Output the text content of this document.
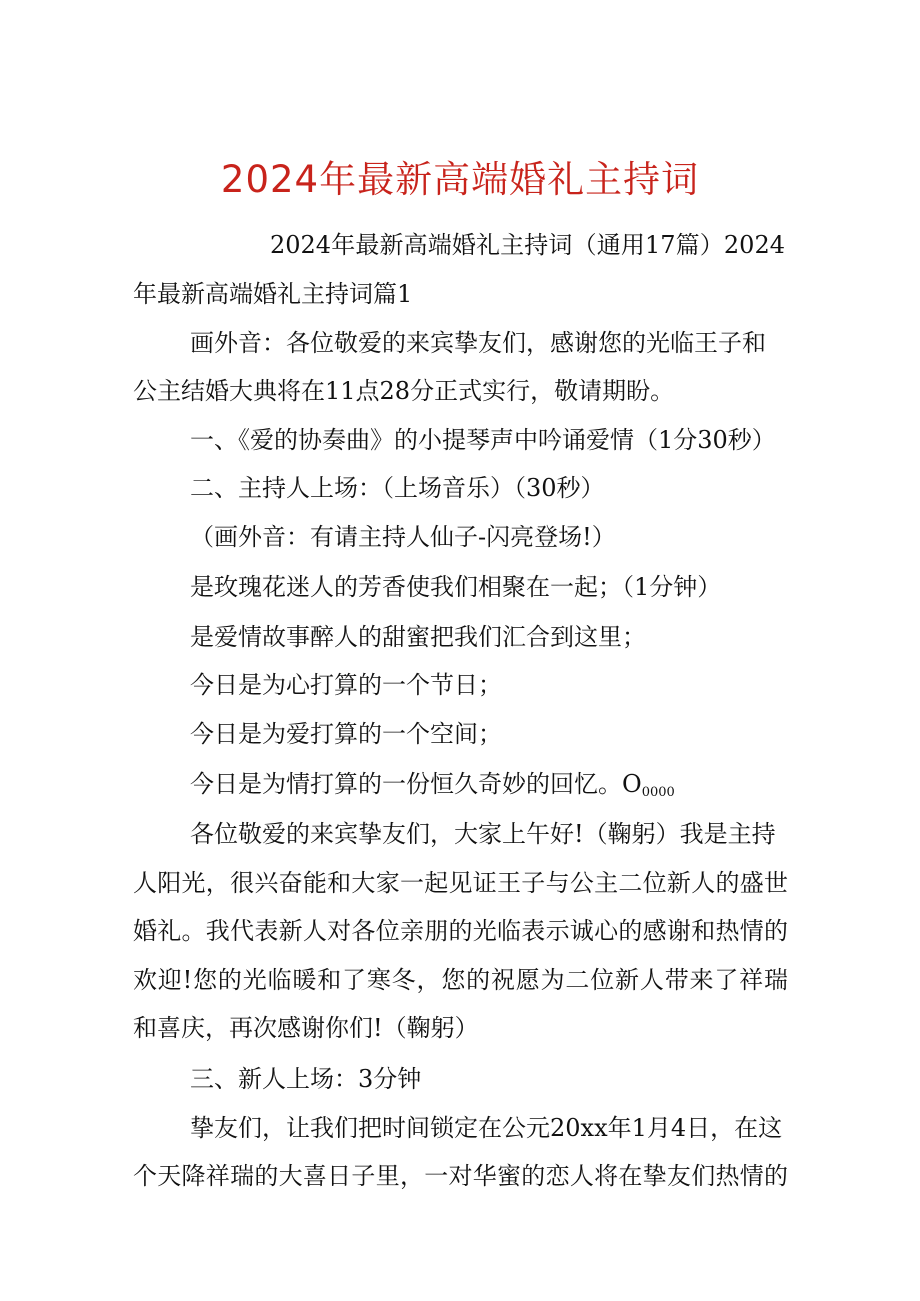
2024年最新高端婚礼主持词
2024年最新高端婚礼主持词（通用17篇）2024
年最新高端婚礼主持词篇1
画外音：各位敬爱的来宾挚友们，感谢您的光临王子和
公主结婚大典将在11点28分正式实行，敬请期盼。
一、《爱的协奏曲》的小提琴声中吟诵爱情（1分30秒）
二、主持人上场：（上场音乐）（30秒）
（画外音：有请主持人仙子-闪亮登场!）
是玫瑰花迷人的芳香使我们相聚在一起；（1分钟）
是爱情故事醉人的甜蜜把我们汇合到这里；
今日是为心打算的一个节日；
今日是为爱打算的一个空间；
今日是为情打算的一份恒久奇妙的回忆。$O_{0000}$
各位敬爱的来宾挚友们，大家上午好!（鞠躬）我是主持
人阳光，很兴奋能和大家一起见证王子与公主二位新人的盛世
婚礼。我代表新人对各位亲朋的光临表示诚心的感谢和热情的
欢迎!您的光临暖和了寒冬，您的祝愿为二位新人带来了祥瑞
和喜庆，再次感谢你们!（鞠躬）
三、新人上场：3分钟
挚友们，让我们把时间锁定在公元20xx年1月4日，在这
个天降祥瑞的大喜日子里，一对华蜜的恋人将在挚友们热情的
